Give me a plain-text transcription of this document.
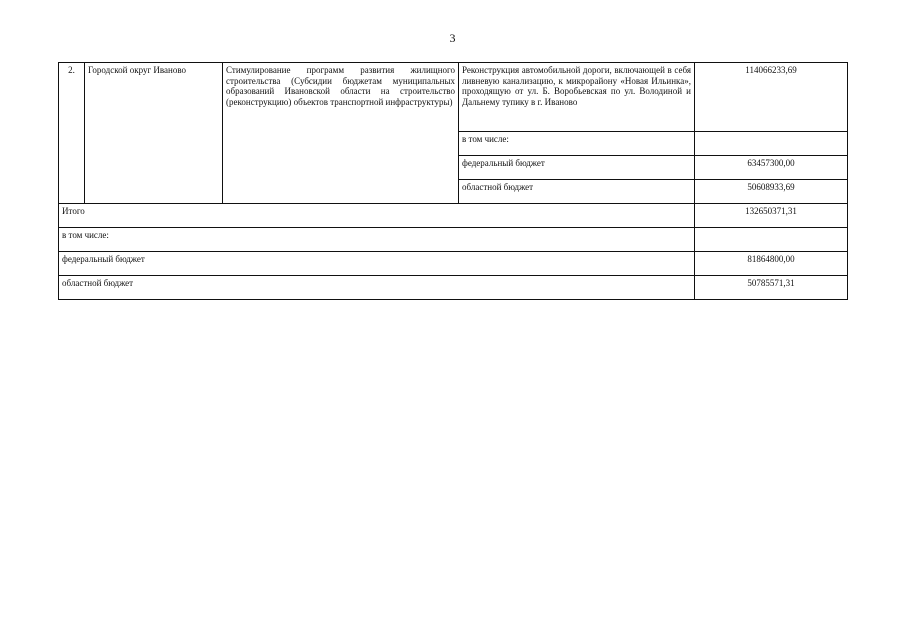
3
2.	Городской округ Иваново	Стимулирование программ развития жилищного строительства (Субсидии бюджетам муниципальных образований Ивановской области на строительство (реконструкцию) объектов транспортной инфраструктуры)	Реконструкция автомобильной дороги, включающей в себя ливневую канализацию, к микрорайону «Новая Ильинка», проходящую от ул. Б. Воробьевская по ул. Володиной и Дальнему тупику в г. Иваново	114066233,69
			в том числе:	
			федеральный бюджет	63457300,00
			областной бюджет	50608933,69
Итого				132650371,31
в том числе:				
федеральный бюджет				81864800,00
областной бюджет				50785571,31
